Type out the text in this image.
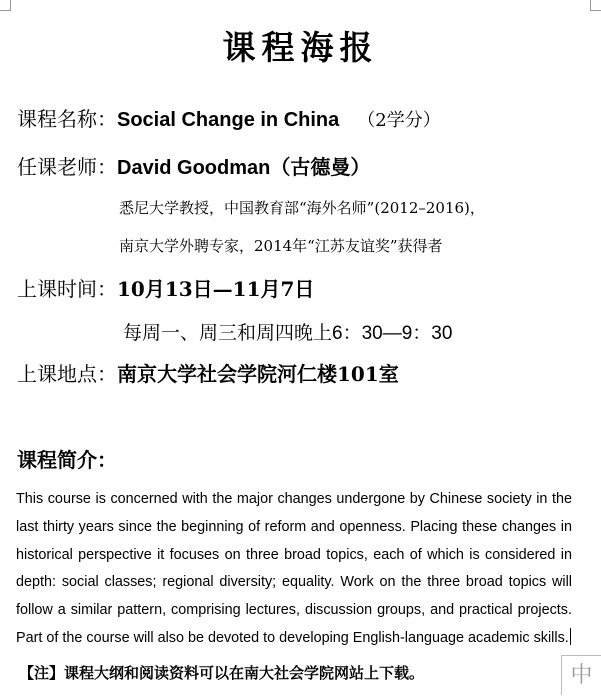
课程海报
课程名称：Social Change in China （2学分）
任课老师：David Goodman（古德曼）
悉尼大学教授，中国教育部“海外名师”(2012–2016)，
南京大学外聘专家，2014年“江苏友谊奖”获得者
上课时间：10月13日—11月7日
每周一、周三和周四晚上6：30—9：30
上课地点：南京大学社会学院河仁楼101室
课程简介：
This course is concerned with the major changes undergone by Chinese society in the last thirty years since the beginning of reform and openness. Placing these changes in historical perspective it focuses on three broad topics, each of which is considered in depth: social classes; regional diversity; equality. Work on the three broad topics will follow a similar pattern, comprising lectures, discussion groups, and practical projects. Part of the course will also be devoted to developing English-language academic skills.
【注】课程大纲和阅读资料可以在南大社会学院网站上下载。	中
